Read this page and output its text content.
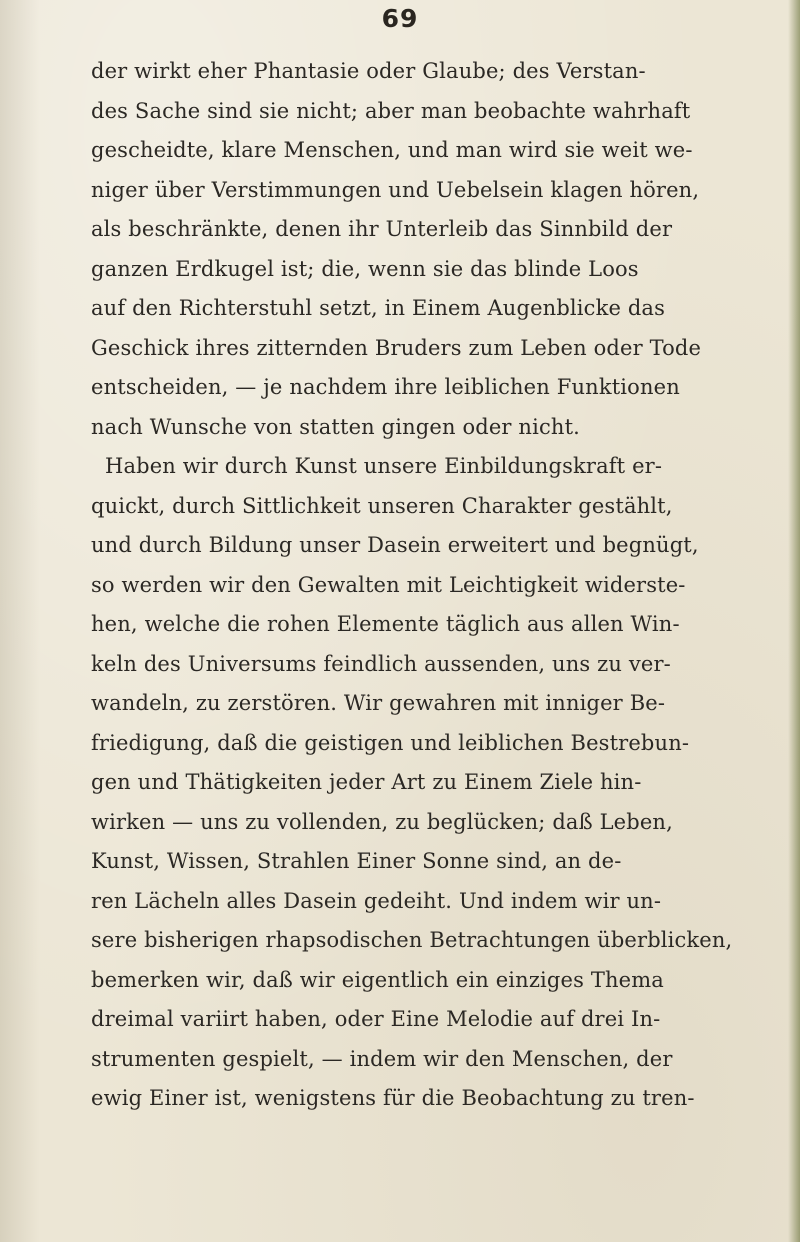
69
der wirkt eher Phantasie oder Glaube; des Verstan-
des Sache sind sie nicht; aber man beobachte wahrhaft
gescheidte, klare Menschen, und man wird sie weit we-
niger über Verstimmungen und Uebelsein klagen hören,
als beschränkte, denen ihr Unterleib das Sinnbild der
ganzen Erdkugel ist; die, wenn sie das blinde Loos
auf den Richterstuhl setzt, in Einem Augenblicke das
Geschick ihres zitternden Bruders zum Leben oder Tode
entscheiden, — je nachdem ihre leiblichen Funktionen
nach Wunsche von statten gingen oder nicht.
Haben wir durch Kunst unsere Einbildungskraft er-
quickt, durch Sittlichkeit unseren Charakter gestählt,
und durch Bildung unser Dasein erweitert und begnügt,
so werden wir den Gewalten mit Leichtigkeit widerste-
hen, welche die rohen Elemente täglich aus allen Win-
keln des Universums feindlich aussenden, uns zu ver-
wandeln, zu zerstören. Wir gewahren mit inniger Be-
friedigung, daß die geistigen und leiblichen Bestrebun-
gen und Thätigkeiten jeder Art zu Einem Ziele hin-
wirken — uns zu vollenden, zu beglücken; daß Leben,
Kunst, Wissen, Strahlen Einer Sonne sind, an de-
ren Lächeln alles Dasein gedeiht. Und indem wir un-
sere bisherigen rhapsodischen Betrachtungen überblicken,
bemerken wir, daß wir eigentlich ein einziges Thema
dreimal variirt haben, oder Eine Melodie auf drei In-
strumenten gespielt, — indem wir den Menschen, der
ewig Einer ist, wenigstens für die Beobachtung zu tren-
